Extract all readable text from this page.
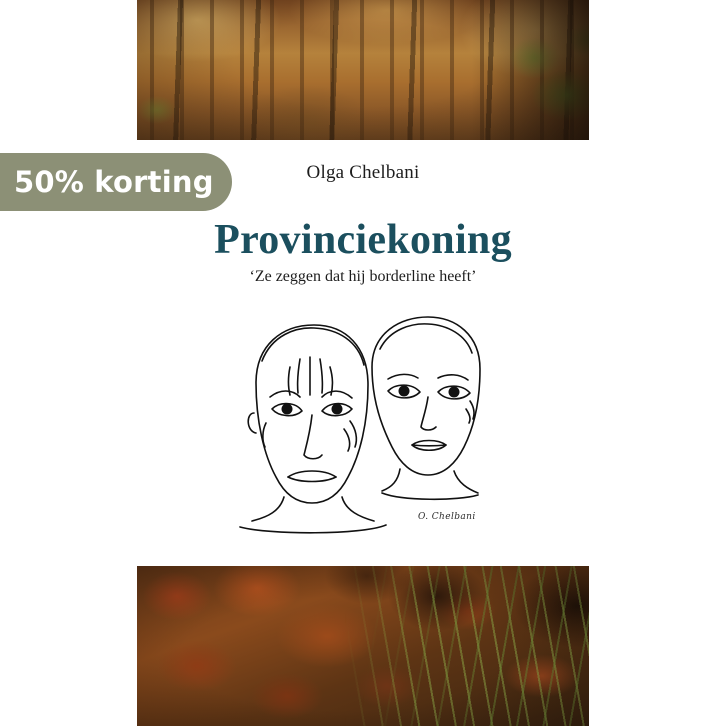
Olga Chelbani
Provinciekoning
‘Ze zeggen dat hij borderline heeft’
O. Chelbani
50% korting
